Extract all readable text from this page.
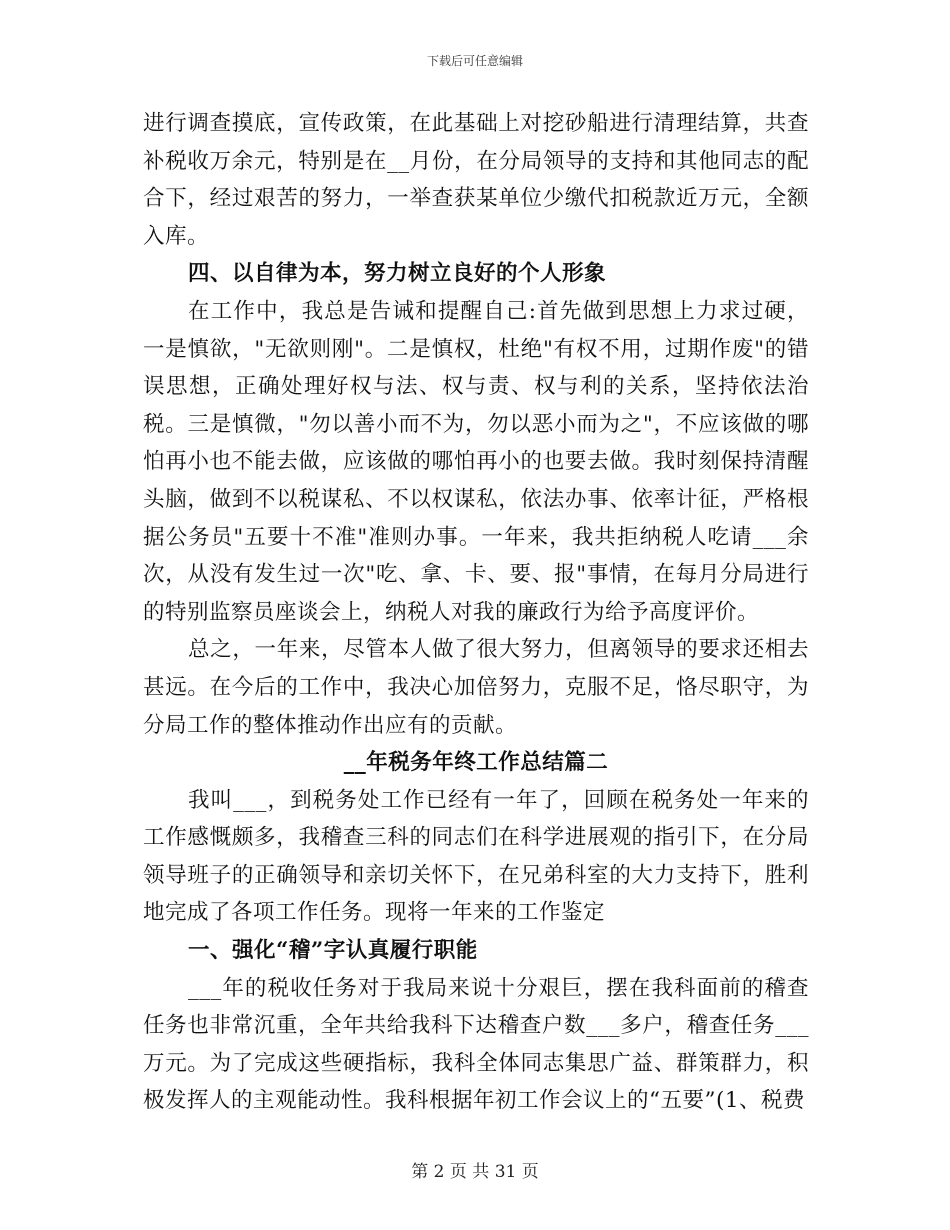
下载后可任意编辑

进行调查摸底，宣传政策，在此基础上对挖砂船进行清理结算，共查补税收万余元，特别是在__月份，在分局领导的支持和其他同志的配合下，经过艰苦的努力，一举查获某单位少缴代扣税款近万元，全额入库。

四、以自律为本，努力树立良好的个人形象

在工作中，我总是告诫和提醒自己:首先做到思想上力求过硬，一是慎欲，"无欲则刚"。二是慎权，杜绝"有权不用，过期作废"的错误思想，正确处理好权与法、权与责、权与利的关系，坚持依法治税。三是慎微，"勿以善小而不为，勿以恶小而为之"，不应该做的哪怕再小也不能去做，应该做的哪怕再小的也要去做。我时刻保持清醒头脑，做到不以税谋私、不以权谋私，依法办事、依率计征，严格根据公务员"五要十不准"准则办事。一年来，我共拒纳税人吃请___余次，从没有发生过一次"吃、拿、卡、要、报"事情，在每月分局进行的特别监察员座谈会上，纳税人对我的廉政行为给予高度评价。

总之，一年来，尽管本人做了很大努力，但离领导的要求还相去甚远。在今后的工作中，我决心加倍努力，克服不足，恪尽职守，为分局工作的整体推动作出应有的贡献。

__年税务年终工作总结篇二

我叫___，到税务处工作已经有一年了，回顾在税务处一年来的工作感慨颇多，我稽查三科的同志们在科学进展观的指引下，在分局领导班子的正确领导和亲切关怀下，在兄弟科室的大力支持下，胜利地完成了各项工作任务。现将一年来的工作鉴定

一、强化“稽”字认真履行职能

___年的税收任务对于我局来说十分艰巨，摆在我科面前的稽查任务也非常沉重，全年共给我科下达稽查户数___多户，稽查任务___万元。为了完成这些硬指标，我科全体同志集思广益、群策群力，积极发挥人的主观能动性。我科根据年初工作会议上的“五要”(1、税费

第 2 页 共 31 页
